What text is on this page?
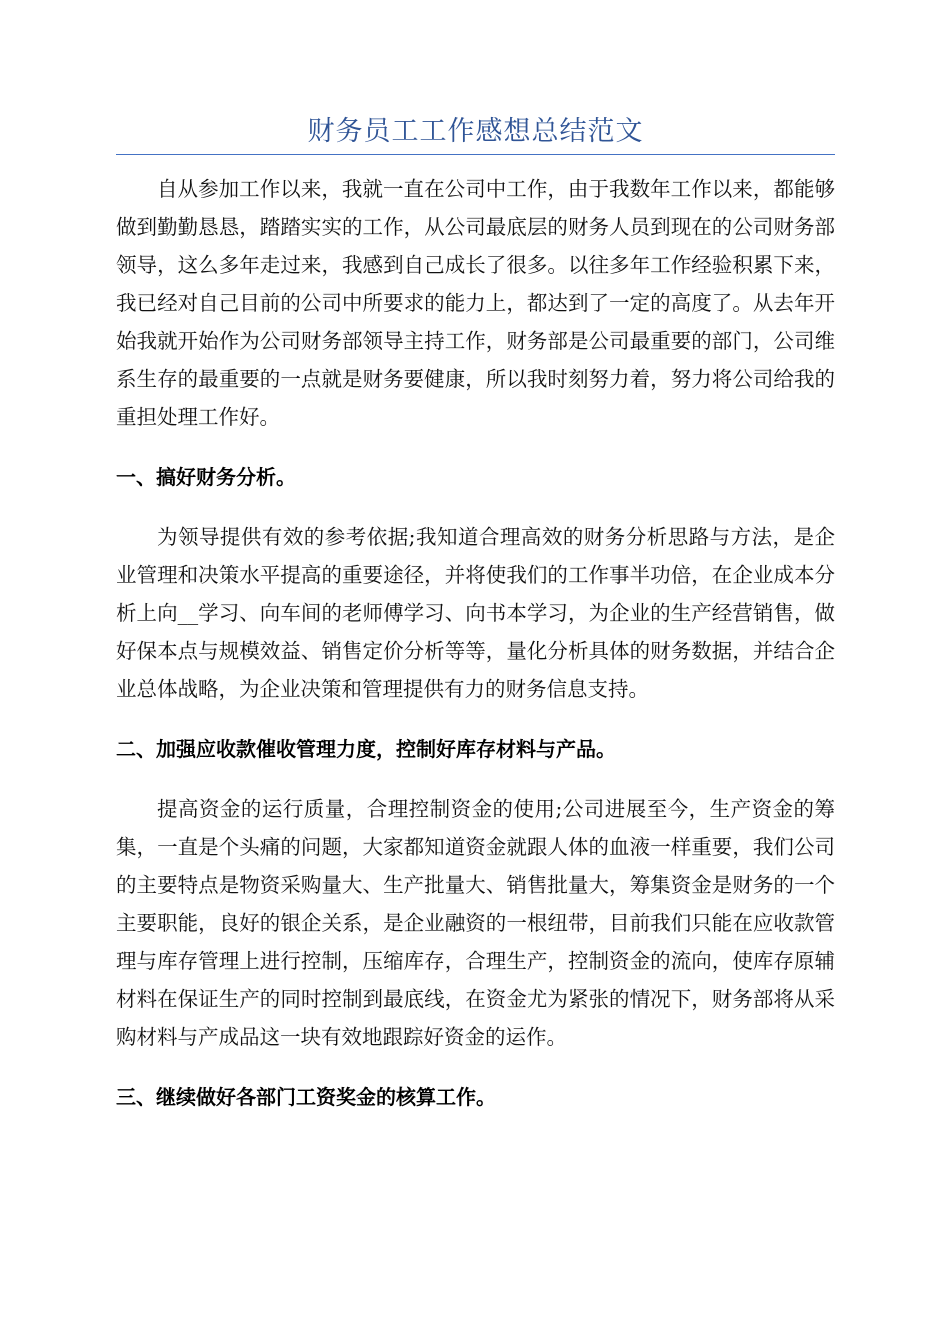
财务员工工作感想总结范文

自从参加工作以来，我就一直在公司中工作，由于我数年工作以来，都能够做到勤勤恳恳，踏踏实实的工作，从公司最底层的财务人员到现在的公司财务部领导，这么多年走过来，我感到自己成长了很多。以往多年工作经验积累下来，我已经对自己目前的公司中所要求的能力上，都达到了一定的高度了。从去年开始我就开始作为公司财务部领导主持工作，财务部是公司最重要的部门，公司维系生存的最重要的一点就是财务要健康，所以我时刻努力着，努力将公司给我的重担处理工作好。

一、搞好财务分析。

为领导提供有效的参考依据;我知道合理高效的财务分析思路与方法，是企业管理和决策水平提高的重要途径，并将使我们的工作事半功倍，在企业成本分析上向__学习、向车间的老师傅学习、向书本学习，为企业的生产经营销售，做好保本点与规模效益、销售定价分析等等，量化分析具体的财务数据，并结合企业总体战略，为企业决策和管理提供有力的财务信息支持。

二、加强应收款催收管理力度，控制好库存材料与产品。

提高资金的运行质量，合理控制资金的使用;公司进展至今，生产资金的筹集，一直是个头痛的问题，大家都知道资金就跟人体的血液一样重要，我们公司的主要特点是物资采购量大、生产批量大、销售批量大，筹集资金是财务的一个主要职能，良好的银企关系，是企业融资的一根纽带，目前我们只能在应收款管理与库存管理上进行控制，压缩库存，合理生产，控制资金的流向，使库存原辅材料在保证生产的同时控制到最底线，在资金尤为紧张的情况下，财务部将从采购材料与产成品这一块有效地跟踪好资金的运作。

三、继续做好各部门工资奖金的核算工作。
